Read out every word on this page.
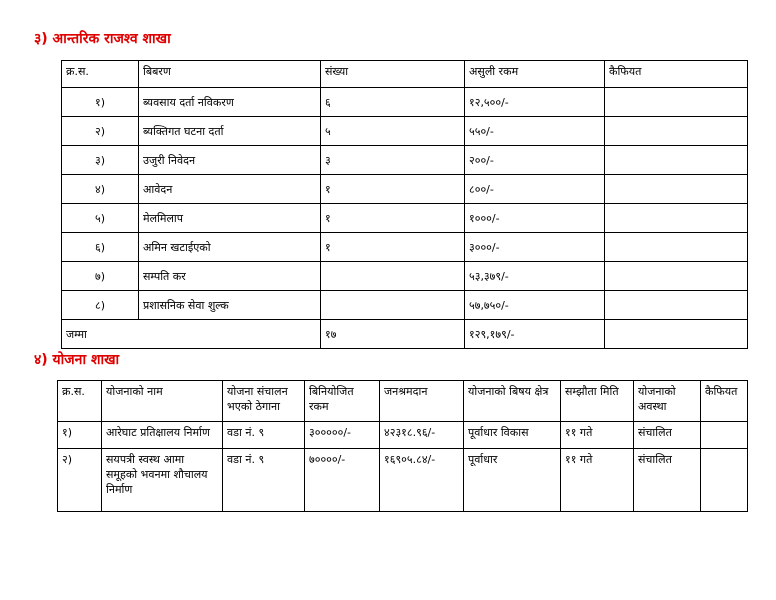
३) आन्तरिक राजश्व शाखा
क्र.स.	बिबरण	संख्या	असुली रकम	कैफियत
१)	ब्यवसाय दर्ता नविकरण	६	१२,५००/-	
२)	ब्यक्तिगत घटना दर्ता	५	५५०/-	
३)	उजुरी निवेदन	३	२००/-	
४)	आवेदन	१	८००/-	
५)	मेलमिलाप	१	१०००/-	
६)	अमिन खटाईएको	१	३०००/-	
७)	सम्पति कर		५३,३७९/-	
८)	प्रशासनिक सेवा शुल्क		५७,७५०/-	
जम्मा		१७	१२९,१७९/-	
४) योजना शाखा
क्र.स.	योजनाको नाम	योजना संचालन भएको ठेगाना	बिनियोजित रकम	जनश्रमदान	योजनाको बिषय क्षेत्र	सम्झौता मिति	योजनाको अवस्था	कैफियत
१)	आरेघाट प्रतिक्षालय निर्माण	वडा नं. ९	३०००००/-	४२३१८.९६/-	पूर्वाधार विकास	११ गते	संचालित	
२)	सयपत्री स्वस्थ आमा समूहको भवनमा शौचालय निर्माण	वडा नं. ९	७००००/-	१६९०५.८४/-	पूर्वाधार	११ गते	संचालित	
